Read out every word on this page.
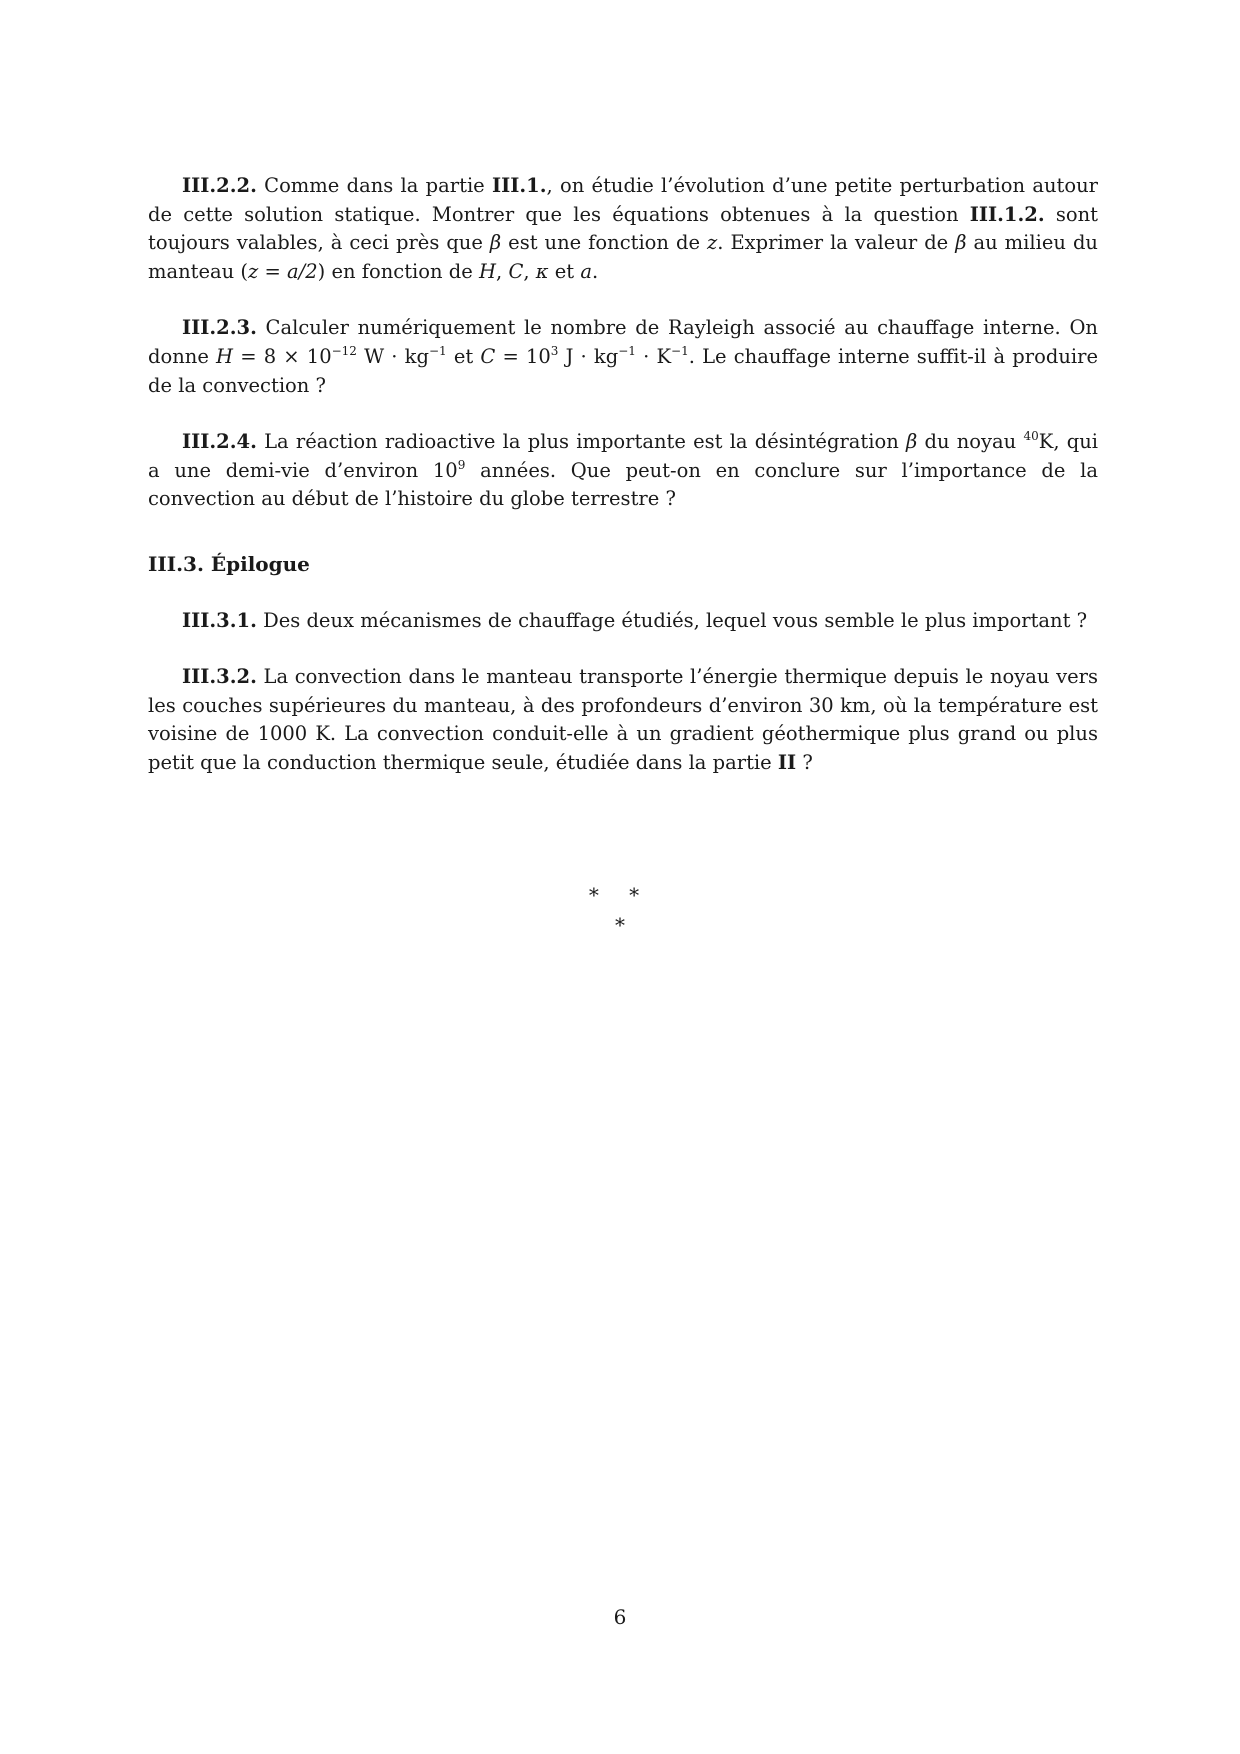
III.2.2. Comme dans la partie III.1., on étudie l’évolution d’une petite perturbation autour de cette solution statique. Montrer que les équations obtenues à la question III.1.2. sont toujours valables, à ceci près que β est une fonction de z. Exprimer la valeur de β au milieu du manteau (z = a/2) en fonction de H, C, κ et a.

III.2.3. Calculer numériquement le nombre de Rayleigh associé au chauffage interne. On donne $H = 8 \times 10^{-12}$ $W \cdot kg^{-1}$ et $C = 10^3$ $J \cdot kg^{-1} \cdot K^{-1}$. Le chauffage interne suffit-il à produire de la convection ?

III.2.4. La réaction radioactive la plus importante est la désintégration β du noyau $^{40}$K, qui a une demi-vie d’environ $10^9$ années. Que peut-on en conclure sur l’importance de la convection au début de l’histoire du globe terrestre ?

III.3. Épilogue

III.3.1. Des deux mécanismes de chauffage étudiés, lequel vous semble le plus important ?

III.3.2. La convection dans le manteau transporte l’énergie thermique depuis le noyau vers les couches supérieures du manteau, à des profondeurs d’environ 30 km, où la température est voisine de 1000 K. La convection conduit-elle à un gradient géothermique plus grand ou plus petit que la conduction thermique seule, étudiée dans la partie II ?

* *
*
6
